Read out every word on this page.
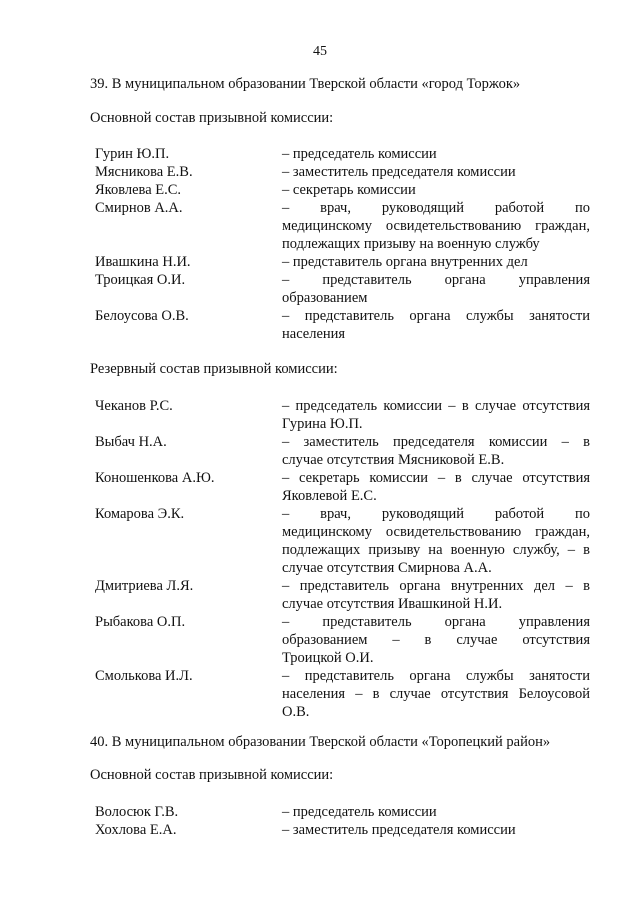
45
39. В муниципальном образовании Тверской области «город Торжок»
Основной состав призывной комиссии:
Гурин Ю.П.	– председатель комиссии
Мясникова Е.В.	– заместитель председателя комиссии
Яковлева Е.С.	– секретарь комиссии
Смирнов А.А.	– врач, руководящий работой по
медицинскому освидетельствованию граждан,
подлежащих призыву на военную службу
Ивашкина Н.И.	– представитель органа внутренних дел
Троицкая О.И.	– представитель органа управления
образованием
Белоусова О.В.	– представитель органа службы занятости
населения
Резервный состав призывной комиссии:
Чеканов Р.С.	– председатель комиссии – в случае отсутствия
Гурина Ю.П.
Выбач Н.А.	– заместитель председателя комиссии – в
случае отсутствия Мясниковой Е.В.
Коношенкова А.Ю.	– секретарь комиссии – в случае отсутствия
Яковлевой Е.С.
Комарова Э.К.	– врач, руководящий работой по
медицинскому освидетельствованию граждан,
подлежащих призыву на военную службу, – в
случае отсутствия Смирнова А.А.
Дмитриева Л.Я.	– представитель органа внутренних дел – в
случае отсутствия Ивашкиной Н.И.
Рыбакова О.П.	– представитель органа управления
образованием – в случае отсутствия
Троицкой О.И.
Смолькова И.Л.	– представитель органа службы занятости
населения – в случае отсутствия Белоусовой
О.В.
40. В муниципальном образовании Тверской области «Торопецкий район»
Основной состав призывной комиссии:
Волосюк Г.В.	– председатель комиссии
Хохлова Е.А.	– заместитель председателя комиссии
